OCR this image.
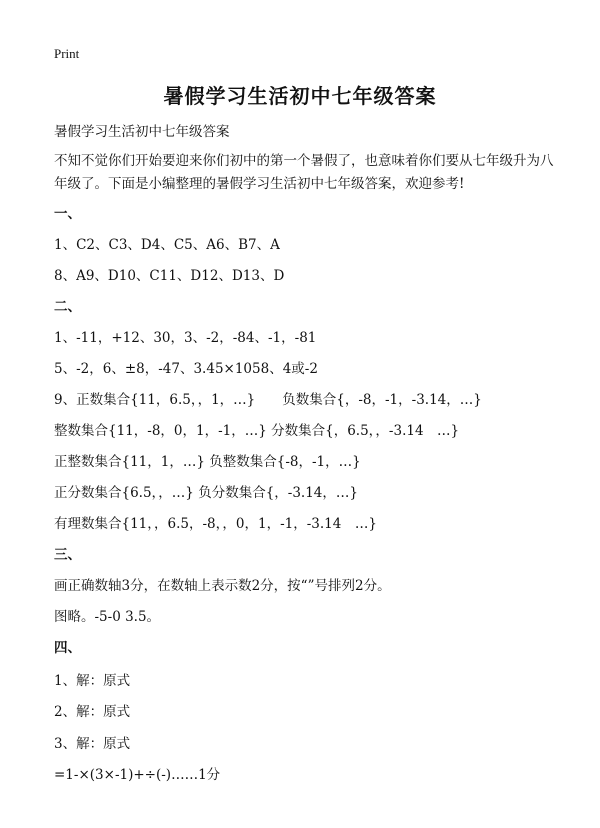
Print
暑假学习生活初中七年级答案
暑假学习生活初中七年级答案
不知不觉你们开始要迎来你们初中的第一个暑假了，也意味着你们要从七年级升为八年级了。下面是小编整理的暑假学习生活初中七年级答案，欢迎参考!
一、
1、C2、C3、D4、C5、A6、B7、A
8、A9、D10、C11、D12、D13、D
二、
1、-11，+12、30，3、-2，-84、-1，-81
5、-2，6、±8，-47、3.45×1058、4或-2
9、正数集合{11，6.5，，1，…}　　负数集合{，-8，-1，-3.14，…}
整数集合{11，-8，0，1，-1，…} 分数集合{，6.5，，-3.14　…}
正整数集合{11，1，…} 负整数集合{-8，-1，…}
正分数集合{6.5，，…} 负分数集合{，-3.14，…}
有理数集合{11，，6.5，-8，，0，1，-1，-3.14　…}
三、
画正确数轴3分，在数轴上表示数2分，按“”号排列2分。
图略。-5-0 3.5。
四、
1、解：原式
2、解：原式
3、解：原式
=1-×(3×-1)+÷(-)……1分
